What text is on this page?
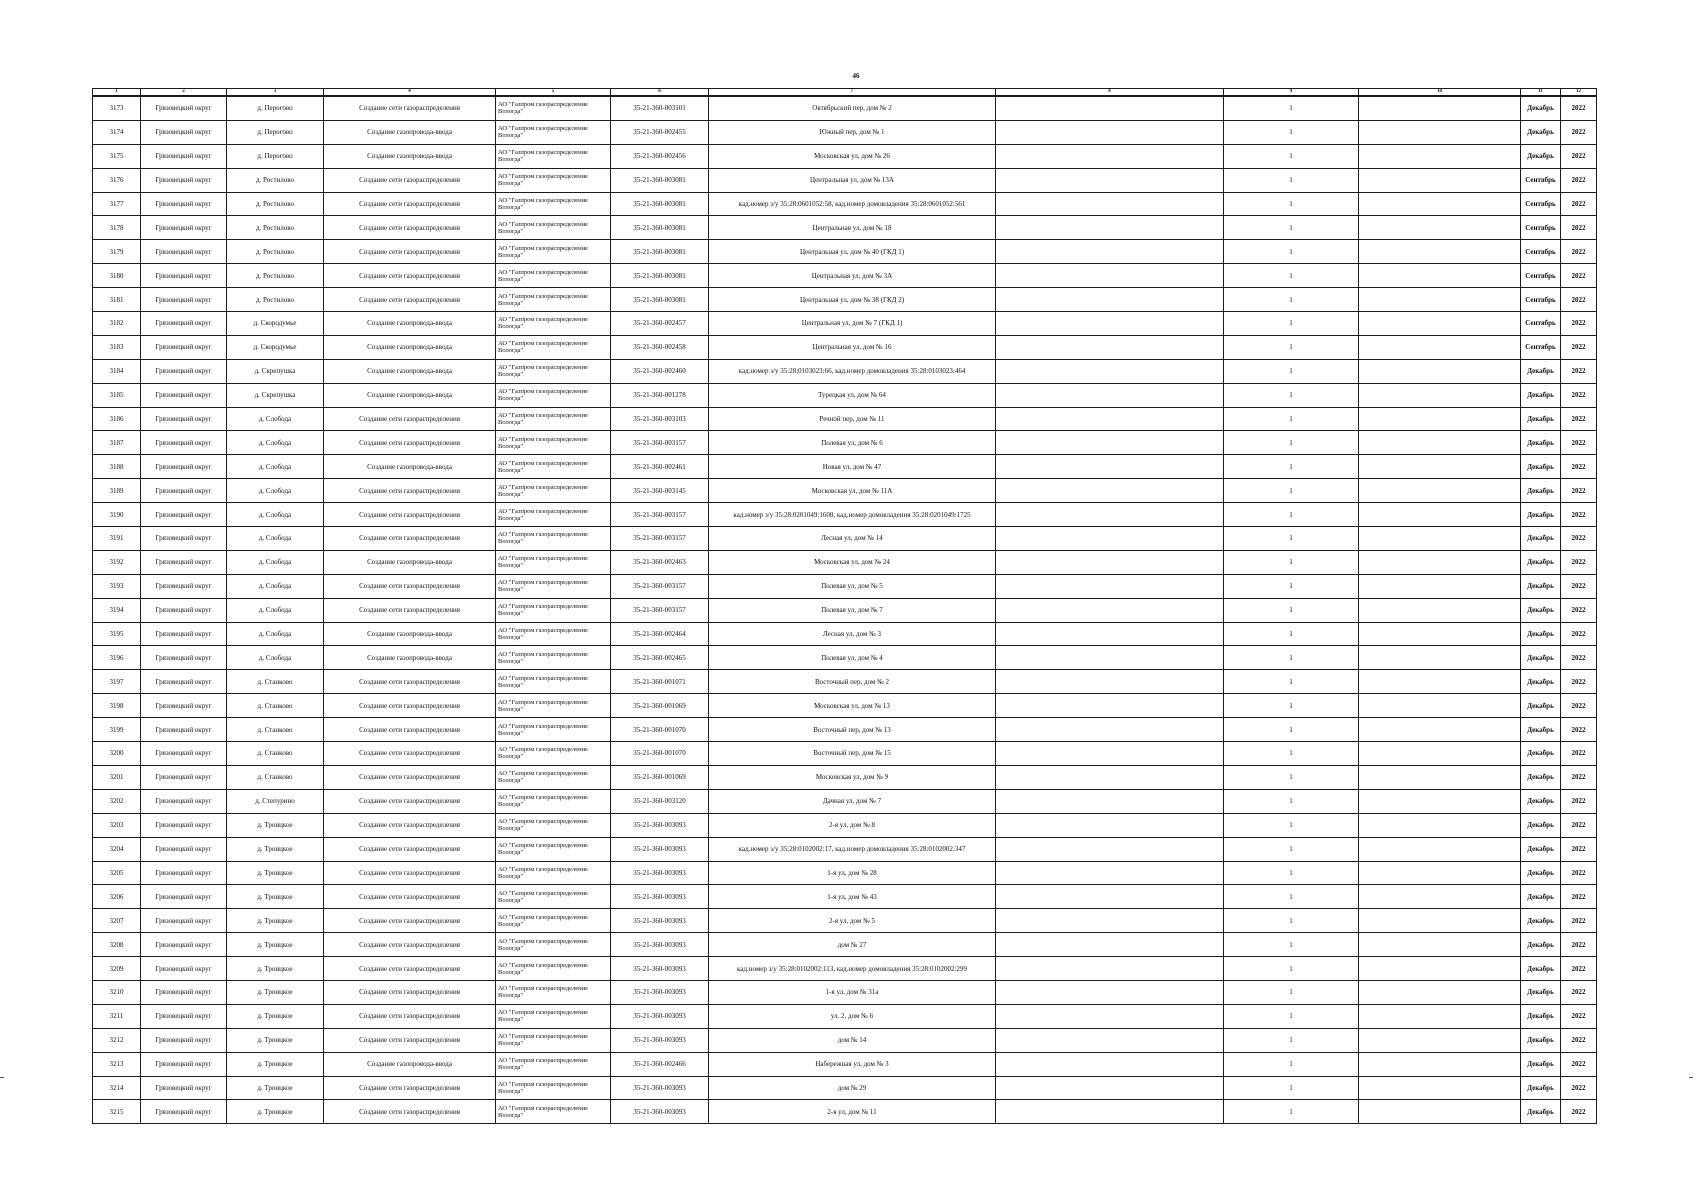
46
1	2	3	4	5	6	7	8	9	10	11	12
3173	Грязовецкий округ	д. Перогово	Создание сети газораспределения	АО "Газпром газораспределение Вологда"	35-21-360-003101	Октябрьский пер, дом № 2		1		Декабрь	2022
3174	Грязовецкий округ	д. Перогово	Создание газопровода-ввода	АО "Газпром газораспределение Вологда"	35-21-360-002455	Южный пер, дом № 1		1		Декабрь	2022
3175	Грязовецкий округ	д. Перогово	Создание газопровода-ввода	АО "Газпром газораспределение Вологда"	35-21-360-002456	Московская ул, дом № 26		1		Декабрь	2022
3176	Грязовецкий округ	д. Ростилово	Создание сети газораспределения	АО "Газпром газораспределение Вологда"	35-21-360-003081	Центральная ул, дом № 13А		1		Сентябрь	2022
3177	Грязовецкий округ	д. Ростилово	Создание сети газораспределения	АО "Газпром газораспределение Вологда"	35-21-360-003081	кад.номер з/у 35:28:0601052:58, кад.номер домовладения 35:28:0601052:561		1		Сентябрь	2022
3178	Грязовецкий округ	д. Ростилово	Создание сети газораспределения	АО "Газпром газораспределение Вологда"	35-21-360-003081	Центральная ул, дом № 18		1		Сентябрь	2022
3179	Грязовецкий округ	д. Ростилово	Создание сети газораспределения	АО "Газпром газораспределение Вологда"	35-21-360-003081	Центральная ул, дом № 40 (ГКД 1)		1		Сентябрь	2022
3180	Грязовецкий округ	д. Ростилово	Создание сети газораспределения	АО "Газпром газораспределение Вологда"	35-21-360-003081	Центральная ул, дом № 3А		1		Сентябрь	2022
3181	Грязовецкий округ	д. Ростилово	Создание сети газораспределения	АО "Газпром газораспределение Вологда"	35-21-360-003081	Центральная ул, дом № 38 (ГКД 2)		1		Сентябрь	2022
3182	Грязовецкий округ	д. Скородумье	Создание газопровода-ввода	АО "Газпром газораспределение Вологда"	35-21-360-002457	Центральная ул, дом № 7 (ГКД 1)		1		Сентябрь	2022
3183	Грязовецкий округ	д. Скородумье	Создание газопровода-ввода	АО "Газпром газораспределение Вологда"	35-21-360-002458	Центральная ул, дом № 16		1		Сентябрь	2022
3184	Грязовецкий округ	д. Скрепушка	Создание газопровода-ввода	АО "Газпром газораспределение Вологда"	35-21-360-002460	кад.номер з/у 35:28:0103023:66, кад.номер домовладения 35:28:0103023:464		1		Декабрь	2022
3185	Грязовецкий округ	д. Скрепушка	Создание газопровода-ввода	АО "Газпром газораспределение Вологда"	35-21-360-001278	Турецкая ул, дом № 64		1		Декабрь	2022
3186	Грязовецкий округ	д. Слобода	Создание сети газораспределения	АО "Газпром газораспределение Вологда"	35-21-360-003103	Речной пер, дом № 11		1		Декабрь	2022
3187	Грязовецкий округ	д. Слобода	Создание сети газораспределения	АО "Газпром газораспределение Вологда"	35-21-360-003157	Полевая ул, дом № 6		1		Декабрь	2022
3188	Грязовецкий округ	д. Слобода	Создание газопровода-ввода	АО "Газпром газораспределение Вологда"	35-21-360-002461	Новая ул, дом № 47		1		Декабрь	2022
3189	Грязовецкий округ	д. Слобода	Создание сети газораспределения	АО "Газпром газораспределение Вологда"	35-21-360-003145	Московская ул, дом № 11А		1		Декабрь	2022
3190	Грязовецкий округ	д. Слобода	Создание сети газораспределения	АО "Газпром газораспределение Вологда"	35-21-360-003157	кад.номер з/у 35:28:0201049:1608, кад.номер домовладения 35:28:0201049:1725		1		Декабрь	2022
3191	Грязовецкий округ	д. Слобода	Создание сети газораспределения	АО "Газпром газораспределение Вологда"	35-21-360-003157	Лесная ул, дом № 14		1		Декабрь	2022
3192	Грязовецкий округ	д. Слобода	Создание газопровода-ввода	АО "Газпром газораспределение Вологда"	35-21-360-002463	Московская ул, дом № 24		1		Декабрь	2022
3193	Грязовецкий округ	д. Слобода	Создание сети газораспределения	АО "Газпром газораспределение Вологда"	35-21-360-003157	Полевая ул, дом № 5		1		Декабрь	2022
3194	Грязовецкий округ	д. Слобода	Создание сети газораспределения	АО "Газпром газораспределение Вологда"	35-21-360-003157	Полевая ул, дом № 7		1		Декабрь	2022
3195	Грязовецкий округ	д. Слобода	Создание газопровода-ввода	АО "Газпром газораспределение Вологда"	35-21-360-002464	Лесная ул, дом № 3		1		Декабрь	2022
3196	Грязовецкий округ	д. Слобода	Создание газопровода-ввода	АО "Газпром газораспределение Вологда"	35-21-360-002465	Полевая ул, дом № 4		1		Декабрь	2022
3197	Грязовецкий округ	д. Станково	Создание сети газораспределения	АО "Газпром газораспределение Вологда"	35-21-360-001071	Восточный пер, дом № 2		1		Декабрь	2022
3198	Грязовецкий округ	д. Станково	Создание сети газораспределения	АО "Газпром газораспределение Вологда"	35-21-360-001069	Московская ул, дом № 13		1		Декабрь	2022
3199	Грязовецкий округ	д. Станково	Создание сети газораспределения	АО "Газпром газораспределение Вологда"	35-21-360-001070	Восточный пер, дом № 13		1		Декабрь	2022
3200	Грязовецкий округ	д. Станково	Создание сети газораспределения	АО "Газпром газораспределение Вологда"	35-21-360-001070	Восточный пер, дом № 15		1		Декабрь	2022
3201	Грязовецкий округ	д. Станково	Создание сети газораспределения	АО "Газпром газораспределение Вологда"	35-21-360-001069	Московская ул, дом № 9		1		Декабрь	2022
3202	Грязовецкий округ	д. Степурино	Создание сети газораспределения	АО "Газпром газораспределение Вологда"	35-21-360-003120	Дачная ул, дом № 7		1		Декабрь	2022
3203	Грязовецкий округ	д. Троицкое	Создание сети газораспределения	АО "Газпром газораспределение Вологда"	35-21-360-003093	2-я ул, дом № 8		1		Декабрь	2022
3204	Грязовецкий округ	д. Троицкое	Создание сети газораспределения	АО "Газпром газораспределение Вологда"	35-21-360-003093	кад.номер з/у 35:28:0102002:17, кад.номер домовладения 35:28:0102002:347		1		Декабрь	2022
3205	Грязовецкий округ	д. Троицкое	Создание сети газораспределения	АО "Газпром газораспределение Вологда"	35-21-360-003093	1-я ул, дом № 28		1		Декабрь	2022
3206	Грязовецкий округ	д. Троицкое	Создание сети газораспределения	АО "Газпром газораспределение Вологда"	35-21-360-003093	1-я ул, дом № 43		1		Декабрь	2022
3207	Грязовецкий округ	д. Троицкое	Создание сети газораспределения	АО "Газпром газораспределение Вологда"	35-21-360-003093	2-я ул, дом № 5		1		Декабрь	2022
3208	Грязовецкий округ	д. Троицкое	Создание сети газораспределения	АО "Газпром газораспределение Вологда"	35-21-360-003093	дом № 27		1		Декабрь	2022
3209	Грязовецкий округ	д. Троицкое	Создание сети газораспределения	АО "Газпром газораспределение Вологда"	35-21-360-003093	кад.номер з/у 35:28:0102002:113, кад.номер домовладения 35:28:0102002:299		1		Декабрь	2022
3210	Грязовецкий округ	д. Троицкое	Создание сети газораспределения	АО "Газпром газораспределение Вологда"	35-21-360-003093	1-я ул, дом № 31а		1		Декабрь	2022
3211	Грязовецкий округ	д. Троицкое	Создание сети газораспределения	АО "Газпром газораспределение Вологда"	35-21-360-003093	ул. 2, дом № 6		1		Декабрь	2022
3212	Грязовецкий округ	д. Троицкое	Создание сети газораспределения	АО "Газпром газораспределение Вологда"	35-21-360-003093	дом № 14		1		Декабрь	2022
3213	Грязовецкий округ	д. Троицкое	Создание газопровода-ввода	АО "Газпром газораспределение Вологда"	35-21-360-002466	Набережная ул, дом № 3		1		Декабрь	2022
3214	Грязовецкий округ	д. Троицкое	Создание сети газораспределения	АО "Газпром газораспределение Вологда"	35-21-360-003093	дом № 29		1		Декабрь	2022
3215	Грязовецкий округ	д. Троицкое	Создание сети газораспределения	АО "Газпром газораспределение Вологда"	35-21-360-003093	2-я ул, дом № 11		1		Декабрь	2022
